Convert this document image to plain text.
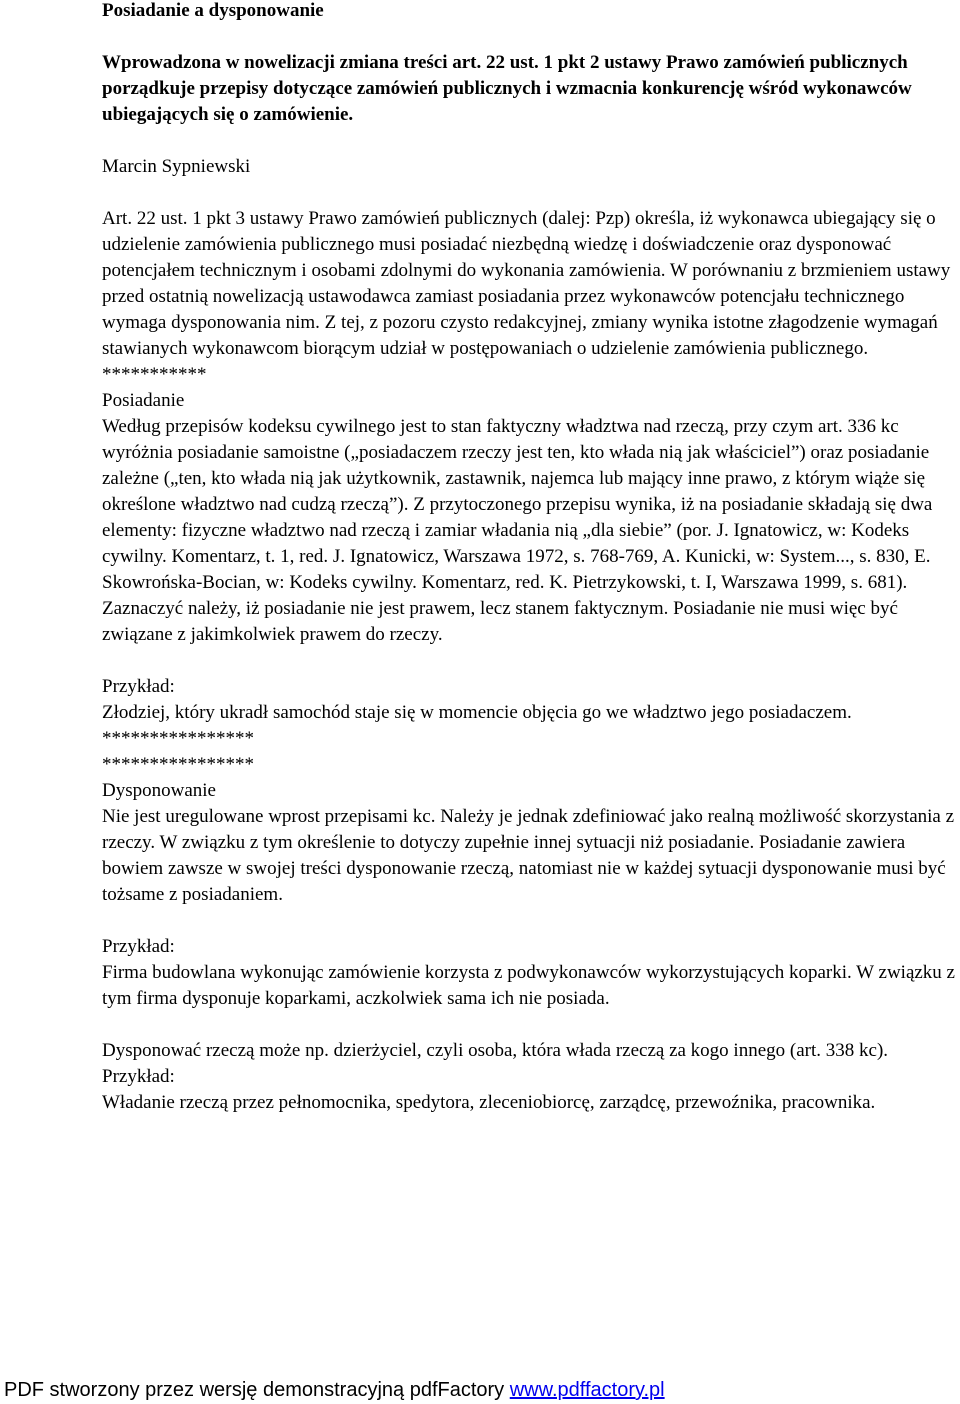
Posiadanie a dysponowanie

Wprowadzona w nowelizacji zmiana treści art. 22 ust. 1 pkt 2 ustawy Prawo zamówień publicznych porządkuje przepisy dotyczące zamówień publicznych i wzmacnia konkurencję wśród wykonawców ubiegających się o zamówienie.

Marcin Sypniewski

Art. 22 ust. 1 pkt 3 ustawy Prawo zamówień publicznych (dalej: Pzp) określa, iż wykonawca ubiegający się o udzielenie zamówienia publicznego musi posiadać niezbędną wiedzę i doświadczenie oraz dysponować potencjałem technicznym i osobami zdolnymi do wykonania zamówienia. W porównaniu z brzmieniem ustawy przed ostatnią nowelizacją ustawodawca zamiast posiadania przez wykonawców potencjału technicznego wymaga dysponowania nim. Z tej, z pozoru czysto redakcyjnej, zmiany wynika istotne złagodzenie wymagań stawianych wykonawcom biorącym udział w postępowaniach o udzielenie zamówienia publicznego.

***********

Posiadanie

Według przepisów kodeksu cywilnego jest to stan faktyczny władztwa nad rzeczą, przy czym art. 336 kc wyróżnia posiadanie samoistne („posiadaczem rzeczy jest ten, kto włada nią jak właściciel”) oraz posiadanie zależne („ten, kto włada nią jak użytkownik, zastawnik, najemca lub mający inne prawo, z którym wiąże się określone władztwo nad cudzą rzeczą”). Z przytoczonego przepisu wynika, iż na posiadanie składają się dwa elementy: fizyczne władztwo nad rzeczą i zamiar władania nią „dla siebie” (por. J. Ignatowicz, w: Kodeks cywilny. Komentarz, t. 1, red. J. Ignatowicz, Warszawa 1972, s. 768-769, A. Kunicki, w: System..., s. 830, E. Skowrońska-Bocian, w: Kodeks cywilny. Komentarz, red. K. Pietrzykowski, t. I, Warszawa 1999, s. 681).

Zaznaczyć należy, iż posiadanie nie jest prawem, lecz stanem faktycznym. Posiadanie nie musi więc być związane z jakimkolwiek prawem do rzeczy.

Przykład:

Złodziej, który ukradł samochód staje się w momencie objęcia go we władztwo jego posiadaczem.

****************

****************

Dysponowanie

Nie jest uregulowane wprost przepisami kc. Należy je jednak zdefiniować jako realną możliwość skorzystania z rzeczy. W związku z tym określenie to dotyczy zupełnie innej sytuacji niż posiadanie. Posiadanie zawiera bowiem zawsze w swojej treści dysponowanie rzeczą, natomiast nie w każdej sytuacji dysponowanie musi być tożsame z posiadaniem.

Przykład:

Firma budowlana wykonując zamówienie korzysta z podwykonawców wykorzystujących koparki. W związku z tym firma dysponuje koparkami, aczkolwiek sama ich nie posiada.

Dysponować rzeczą może np. dzierżyciel, czyli osoba, która włada rzeczą za kogo innego (art. 338 kc).

Przykład:

Władanie rzeczą przez pełnomocnika, spedytora, zleceniobiorcę, zarządcę, przewoźnika, pracownika.

PDF stworzony przez wersję demonstracyjną pdfFactory www.pdffactory.pl
